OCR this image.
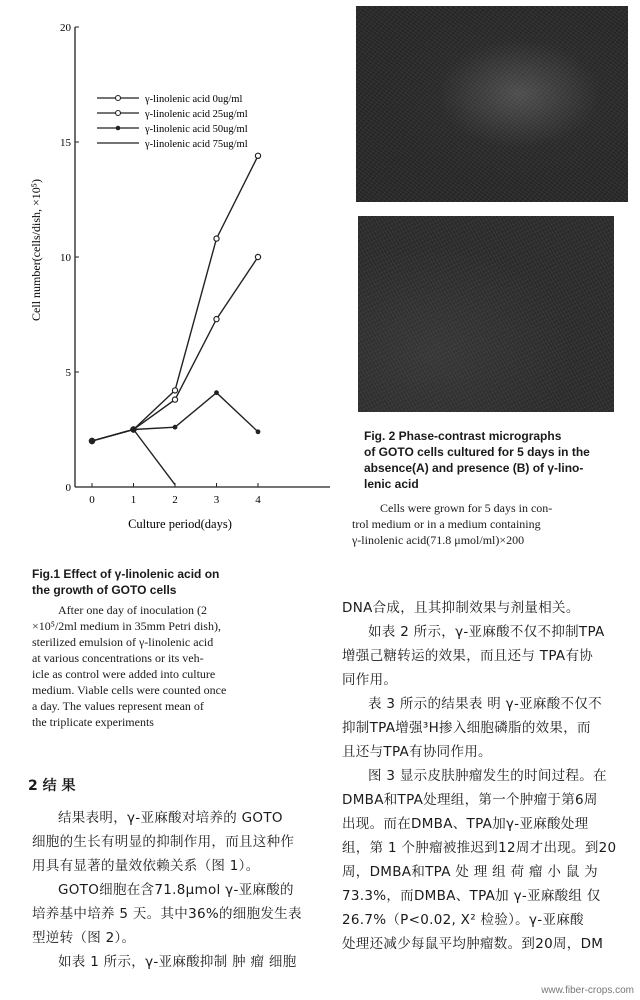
0
5
10
15
20
0	1	2	3	4
γ-linolenic acid 0ug/ml
γ-linolenic acid 25ug/ml
γ-linolenic acid 50ug/ml
γ-linolenic acid 75ug/ml
Cell number(cells/dish, ×10⁵)
Culture period(days)
Fig.1 Effect of γ-linolenic acid on
the growth of GOTO cells
After one day of inoculation (2
×10⁵/2ml medium in 35mm Petri dish),
sterilized emulsion of γ-linolenic acid
at various concentrations or its veh-
icle as control were added into culture
medium. Viable cells were counted once
a day. The values represent mean of
the triplicate experiments
Fig. 2 Phase-contrast micrographs
of GOTO cells cultured for 5 days in the
absence(A) and presence (B) of γ-lino-
lenic acid
Cells were grown for 5 days in con-
trol medium or in a medium containing
γ-linolenic acid(71.8 μmol/ml)×200
2 结 果
结果表明，γ-亚麻酸对培养的 GOTO
细胞的生长有明显的抑制作用，而且这种作
用具有显著的量效依赖关系（图 1）。
GOTO细胞在含71.8μmol γ-亚麻酸的
培养基中培养 5 天。其中36%的细胞发生表
型逆转（图 2）。
如表 1 所示，γ-亚麻酸抑制 肿 瘤 细胞
DNA合成，且其抑制效果与剂量相关。
如表 2 所示，γ-亚麻酸不仅不抑制TPA
增强己糖转运的效果，而且还与 TPA有协
同作用。
表 3 所示的结果表 明 γ-亚麻酸不仅不
抑制TPA增强³H掺入细胞磷脂的效果，而
且还与TPA有协同作用。
图 3 显示皮肤肿瘤发生的时间过程。在
DMBA和TPA处理组，第一个肿瘤于第6周
出现。而在DMBA、TPA加γ-亚麻酸处理
组，第 1 个肿瘤被推迟到12周才出现。到20
周，DMBA和TPA 处 理 组 荷 瘤 小 鼠 为
73.3%，而DMBA、TPA加 γ-亚麻酸组 仅
26.7%（P<0.02, X² 检验）。γ-亚麻酸
处理还减少每鼠平均肿瘤数。到20周，DM
www.fiber-crops.com
